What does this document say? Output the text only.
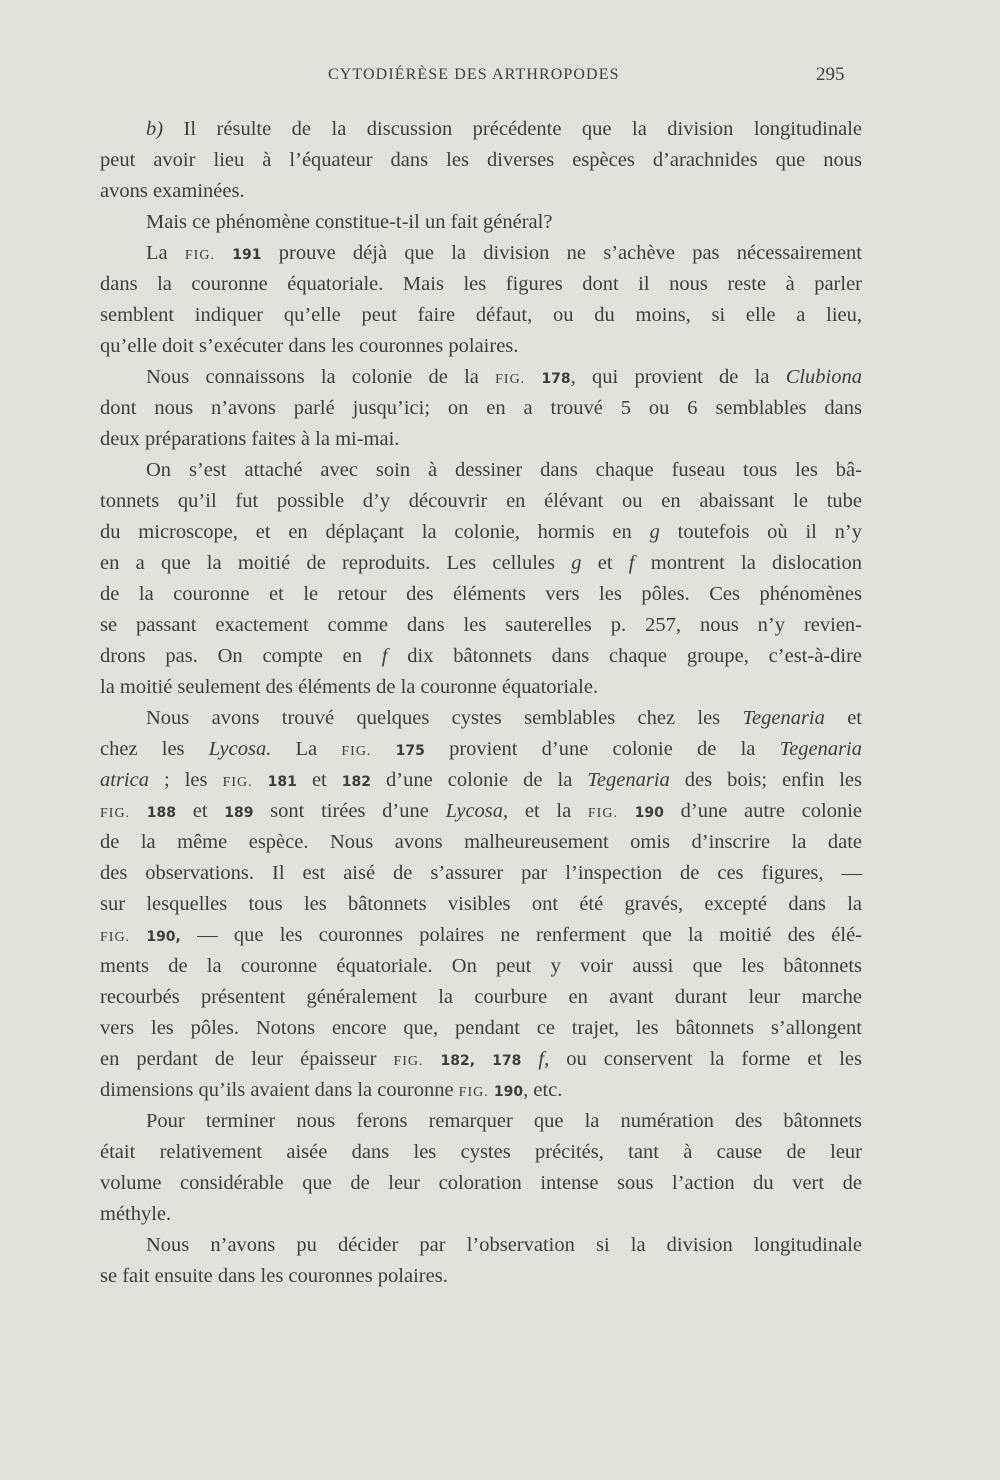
CYTODIÉRÈSE DES ARTHROPODES	295
b) Il résulte de la discussion précédente que la division longitudinale
peut avoir lieu à l’équateur dans les diverses espèces d’arachnides que nous
avons examinées.
Mais ce phénomène constitue-t-il un fait général?
La FIG. 191 prouve déjà que la division ne s’achève pas nécessairement
dans la couronne équatoriale. Mais les figures dont il nous reste à parler
semblent indiquer qu’elle peut faire défaut, ou du moins, si elle a lieu,
qu’elle doit s’exécuter dans les couronnes polaires.
Nous connaissons la colonie de la FIG. 178, qui provient de la Clubiona
dont nous n’avons parlé jusqu’ici; on en a trouvé 5 ou 6 semblables dans
deux préparations faites à la mi-mai.
On s’est attaché avec soin à dessiner dans chaque fuseau tous les bâ-
tonnets qu’il fut possible d’y découvrir en élévant ou en abaissant le tube
du microscope, et en déplaçant la colonie, hormis en g toutefois où il n’y
en a que la moitié de reproduits. Les cellules g et f montrent la dislocation
de la couronne et le retour des éléments vers les pôles. Ces phénomènes
se passant exactement comme dans les sauterelles p. 257, nous n’y revien-
drons pas. On compte en f dix bâtonnets dans chaque groupe, c’est-à-dire
la moitié seulement des éléments de la couronne équatoriale.
Nous avons trouvé quelques cystes semblables chez les Tegenaria et
chez les Lycosa. La FIG. 175 provient d’une colonie de la Tegenaria
atrica ; les FIG. 181 et 182 d’une colonie de la Tegenaria des bois; enfin les
FIG. 188 et 189 sont tirées d’une Lycosa, et la FIG. 190 d’une autre colonie
de la même espèce. Nous avons malheureusement omis d’inscrire la date
des observations. Il est aisé de s’assurer par l’inspection de ces figures, —
sur lesquelles tous les bâtonnets visibles ont été gravés, excepté dans la
FIG. 190, — que les couronnes polaires ne renferment que la moitié des élé-
ments de la couronne équatoriale. On peut y voir aussi que les bâtonnets
recourbés présentent généralement la courbure en avant durant leur marche
vers les pôles. Notons encore que, pendant ce trajet, les bâtonnets s’allongent
en perdant de leur épaisseur FIG. 182, 178 f, ou conservent la forme et les
dimensions qu’ils avaient dans la couronne FIG. 190, etc.
Pour terminer nous ferons remarquer que la numération des bâtonnets
était relativement aisée dans les cystes précités, tant à cause de leur
volume considérable que de leur coloration intense sous l’action du vert de
méthyle.
Nous n’avons pu décider par l’observation si la division longitudinale
se fait ensuite dans les couronnes polaires.
